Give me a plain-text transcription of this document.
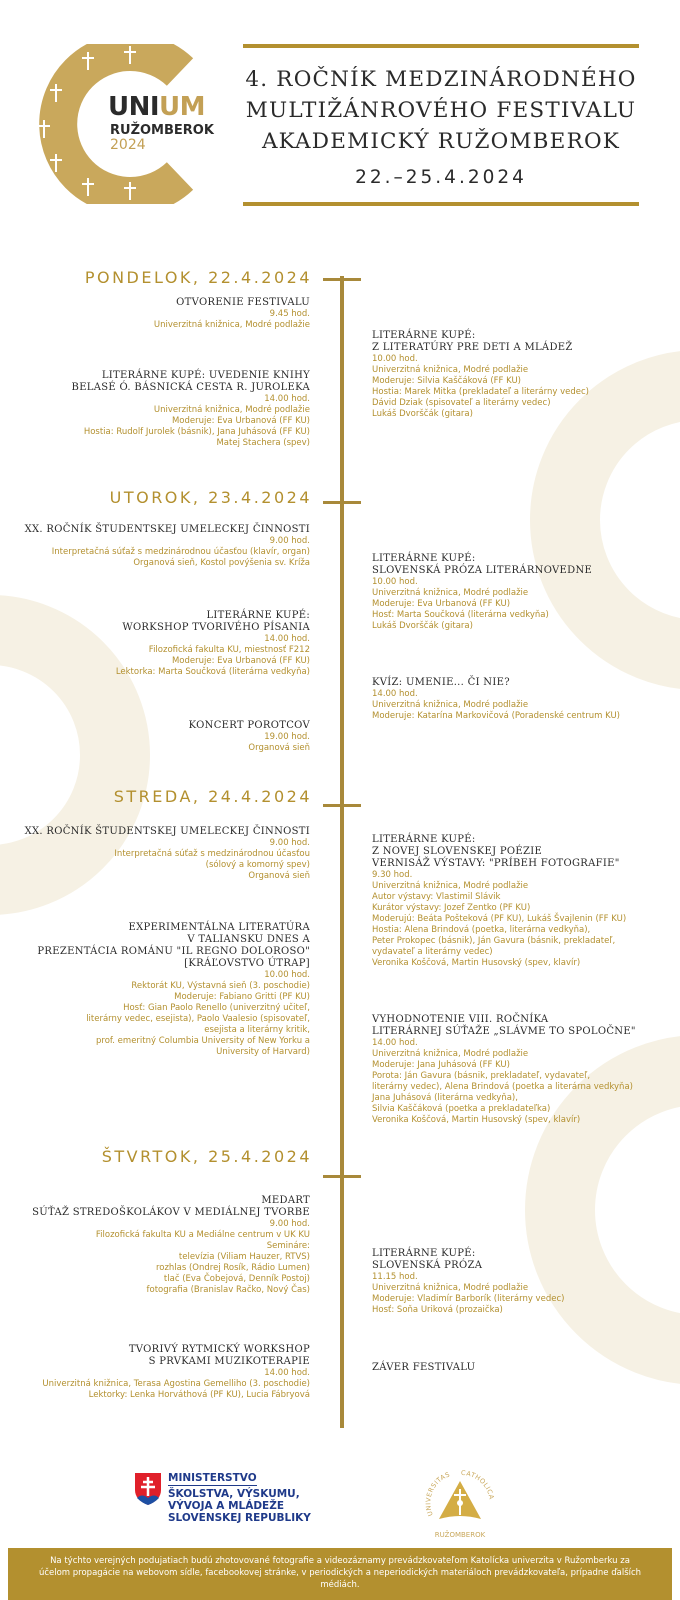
UNIUM
RUŽOMBEROK
2024
4. ROČNÍK MEDZINÁRODNÉHO MULTIŽÁNROVÉHO FESTIVALU AKADEMICKÝ RUŽOMBEROK
22.–25.4.2024
PONDELOK, 22.4.2024
OTVORENIE FESTIVALU
9.45 hod.
Univerzitná knižnica, Modré podlažie
LITERÁRNE KUPÉ: UVEDENIE KNIHY
BELASÉ Ó. BÁSNICKÁ CESTA R. JUROLEKA
14.00 hod.
Univerzitná knižnica, Modré podlažie
Moderuje: Eva Urbanová (FF KU)
Hostia: Rudolf Jurolek (básnik), Jana Juhásová (FF KU)
Matej Stachera (spev)
LITERÁRNE KUPÉ:
Z LITERATÚRY PRE DETI A MLÁDEŽ
10.00 hod.
Univerzitná knižnica, Modré podlažie
Moderuje: Silvia Kaščáková (FF KU)
Hostia: Marek Mitka (prekladateľ a literárny vedec)
Dávid Dziak (spisovateľ a literárny vedec)
Lukáš Dvorščák (gitara)
UTOROK, 23.4.2024
XX. ROČNÍK ŠTUDENTSKEJ UMELECKEJ ČINNOSTI
9.00 hod.
Interpretačná súťaž s medzinárodnou účasťou (klavír, organ)
Organová sieň, Kostol povýšenia sv. Kríža
LITERÁRNE KUPÉ:
WORKSHOP TVORIVÉHO PÍSANIA
14.00 hod.
Filozofická fakulta KU, miestnosť F212
Moderuje: Eva Urbanová (FF KU)
Lektorka: Marta Součková (literárna vedkyňa)
KONCERT POROTCOV
19.00 hod.
Organová sieň
LITERÁRNE KUPÉ:
SLOVENSKÁ PRÓZA LITERÁRNOVEDNE
10.00 hod.
Univerzitná knižnica, Modré podlažie
Moderuje: Eva Urbanová (FF KU)
Hosť: Marta Součková (literárna vedkyňa)
Lukáš Dvorščák (gitara)
KVÍZ: UMENIE... ČI NIE?
14.00 hod.
Univerzitná knižnica, Modré podlažie
Moderuje: Katarína Markovičová (Poradenské centrum KU)
STREDA, 24.4.2024
XX. ROČNÍK ŠTUDENTSKEJ UMELECKEJ ČINNOSTI
9.00 hod.
Interpretačná súťaž s medzinárodnou účasťou
(sólový a komorný spev)
Organová sieň
EXPERIMENTÁLNA LITERATÚRA
V TALIANSKU DNES A
PREZENTÁCIA ROMÁNU "IL REGNO DOLOROSO"
[KRÁĽOVSTVO ÚTRAP]
10.00 hod.
Rektorát KU, Výstavná sieň (3. poschodie)
Moderuje: Fabiano Gritti (PF KU)
Hosť: Gian Paolo Renello (univerzitný učiteľ,
literárny vedec, esejista), Paolo Vaalesio (spisovateľ,
esejista a literárny kritik,
prof. emeritný Columbia University of New Yorku a
University of Harvard)
LITERÁRNE KUPÉ:
Z NOVEJ SLOVENSKEJ POÉZIE
VERNISÁŽ VÝSTAVY: "PRÍBEH FOTOGRAFIE"
9.30 hod.
Univerzitná knižnica, Modré podlažie
Autor výstavy: Vlastimil Slávik
Kurátor výstavy: Jozef Zentko (PF KU)
Moderujú: Beáta Pošteková (PF KU), Lukáš Švajlenin (FF KU)
Hostia: Alena Brindová (poetka, literárna vedkyňa),
Peter Prokopec (básnik), Ján Gavura (básnik, prekladateľ,
vydavateľ a literárny vedec)
Veronika Koščová, Martin Husovský (spev, klavír)
VYHODNOTENIE VIII. ROČNÍKA
LITERÁRNEJ SÚŤAŽE „SLÁVME TO SPOLOČNE"
14.00 hod.
Univerzitná knižnica, Modré podlažie
Moderuje: Jana Juhásová (FF KU)
Porota: Ján Gavura (básnik, prekladateľ, vydavateľ,
literárny vedec), Alena Brindová (poetka a literárna vedkyňa)
Jana Juhásová (literárna vedkyňa),
Silvia Kaščáková (poetka a prekladateľka)
Veronika Koščová, Martin Husovský (spev, klavír)
ŠTVRTOK, 25.4.2024
MEDART
SÚŤAŽ STREDOŠKOLÁKOV V MEDIÁLNEJ TVORBE
9.00 hod.
Filozofická fakulta KU a Mediálne centrum v UK KU
Semináre:
televízia (Viliam Hauzer, RTVS)
rozhlas (Ondrej Rosík, Rádio Lumen)
tlač (Eva Čobejová, Denník Postoj)
fotografia (Branislav Račko, Nový Čas)
TVORIVÝ RYTMICKÝ WORKSHOP
S PRVKAMI MUZIKOTERAPIE
14.00 hod.
Univerzitná knižnica, Terasa Agostina Gemelliho (3. poschodie)
Lektorky: Lenka Horváthová (PF KU), Lucia Fábryová
LITERÁRNE KUPÉ:
SLOVENSKÁ PRÓZA
11.15 hod.
Univerzitná knižnica, Modré podlažie
Moderuje: Vladimír Barborík (literárny vedec)
Hosť: Soňa Uriková (prozaička)
ZÁVER FESTIVALU
MINISTERSTVO
ŠKOLSTVA, VÝSKUMU,
VÝVOJA A MLÁDEŽE
SLOVENSKEJ REPUBLIKY	UNIVERSITAS CATHOLICA
RUŽOMBEROK
Na týchto verejných podujatiach budú zhotovované fotografie a videozáznamy prevádzkovateľom Katolícka univerzita v Ružomberku za účelom propagácie na webovom sídle, facebookovej stránke, v periodických a neperiodických materiáloch prevádzkovateľa, prípadne ďalších médiách.
